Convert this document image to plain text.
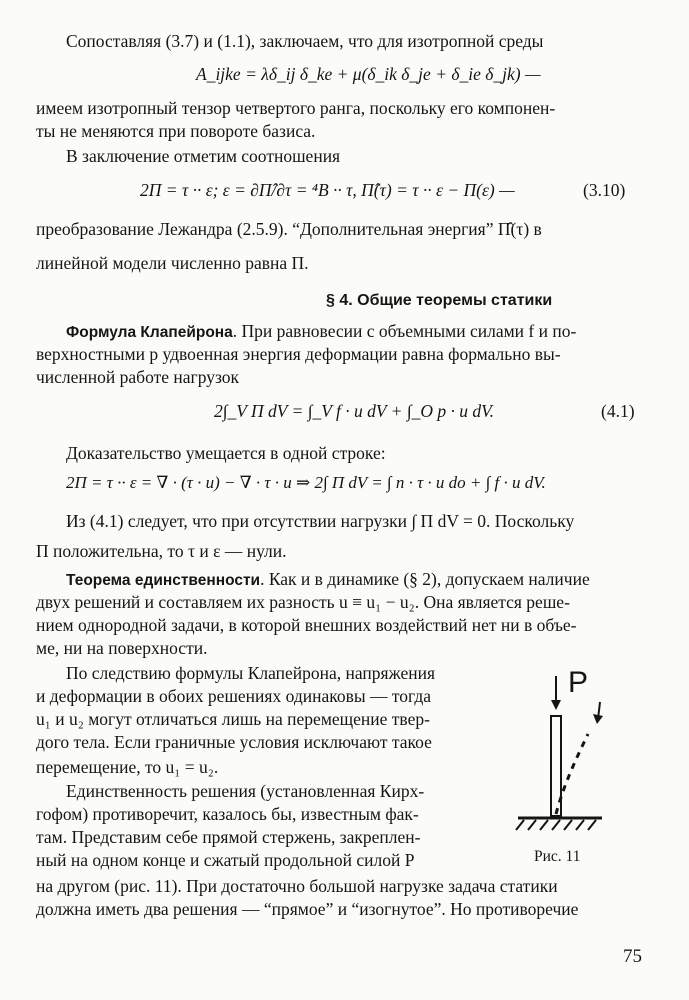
Сопоставляя (3.7) и (1.1), заключаем, что для изотропной среды
A_ijke = λδ_ij δ_ke + μ(δ_ik δ_je + δ_ie δ_jk) —
имеем изотропный тензор четвертого ранга, поскольку его компонен-
ты не меняются при повороте базиса.
В заключение отметим соотношения
2Π = τ ·· ε; ε = ∂Π̂/∂τ = ⁴B ·· τ, Π̂(τ) = τ ·· ε − Π(ε) —	(3.10)
преобразование Лежандра (2.5.9). “Дополнительная энергия” Π̂(τ) в
линейной модели численно равна Π.
§ 4. Общие теоремы статики
Формула Клапейрона. При равновесии с объемными силами f и по-
верхностными p удвоенная энергия деформации равна формально вы-
численной работе нагрузок
2∫_V Π dV = ∫_V f · u dV + ∫_O p · u dV.	(4.1)
Доказательство умещается в одной строке:
2Π = τ ·· ε = ∇ · (τ · u) − ∇ · τ · u ⇒ 2∫ Π dV = ∫ n · τ · u do + ∫ f · u dV.
Из (4.1) следует, что при отсутствии нагрузки ∫ Π dV = 0. Поскольку
Π положительна, то τ и ε — нули.
Теорема единственности. Как и в динамике (§ 2), допускаем наличие
двух решений и составляем их разность u ≡ u₁ − u₂. Она является реше-
нием однородной задачи, в которой внешних воздействий нет ни в объе-
ме, ни на поверхности.
По следствию формулы Клапейрона, напряжения
и деформации в обоих решениях одинаковы — тогда
u₁ и u₂ могут отличаться лишь на перемещение твер-
дого тела. Если граничные условия исключают такое
перемещение, то u₁ = u₂.
Единственность решения (установленная Кирх-
гофом) противоречит, казалось бы, известным фак-
там. Представим себе прямой стержень, закреплен-
ный на одном конце и сжатый продольной силой P
на другом (рис. 11). При достаточно большой нагрузке задача статики
должна иметь два решения — “прямое” и “изогнутое”. Но противоречие
P
Рис. 11
75
